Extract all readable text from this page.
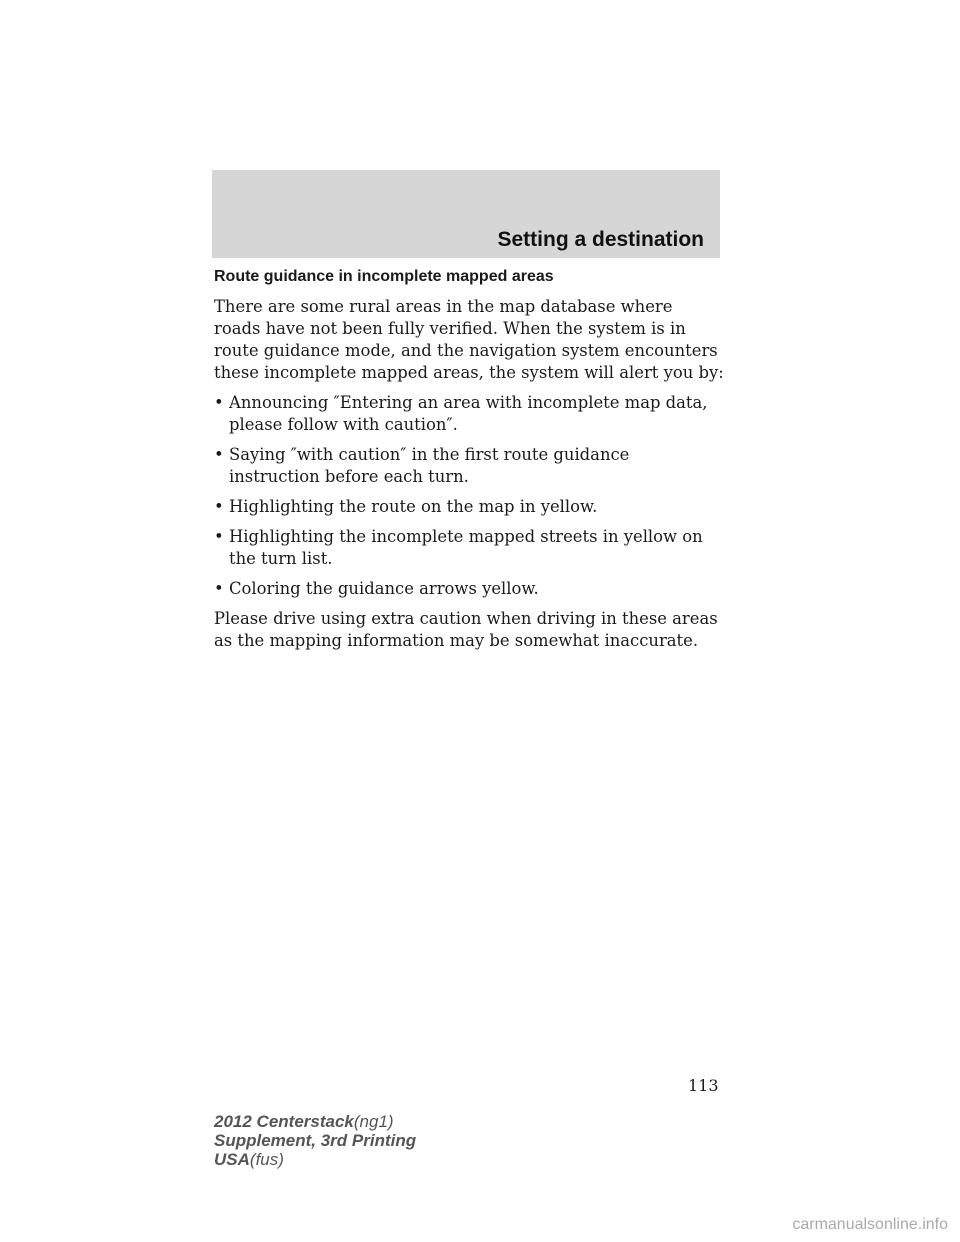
Setting a destination
Route guidance in incomplete mapped areas

There are some rural areas in the map database where roads have not been fully verified. When the system is in route guidance mode, and the navigation system encounters these incomplete mapped areas, the system will alert you by:

• Announcing ″Entering an area with incomplete map data, please follow with caution″.
• Saying ″with caution″ in the first route guidance instruction before each turn.
• Highlighting the route on the map in yellow.
• Highlighting the incomplete mapped streets in yellow on the turn list.
• Coloring the guidance arrows yellow.

Please drive using extra caution when driving in these areas as the mapping information may be somewhat inaccurate.

113
2012 Centerstack(ng1)
Supplement, 3rd Printing
USA(fus)
carmanualsonline.info
